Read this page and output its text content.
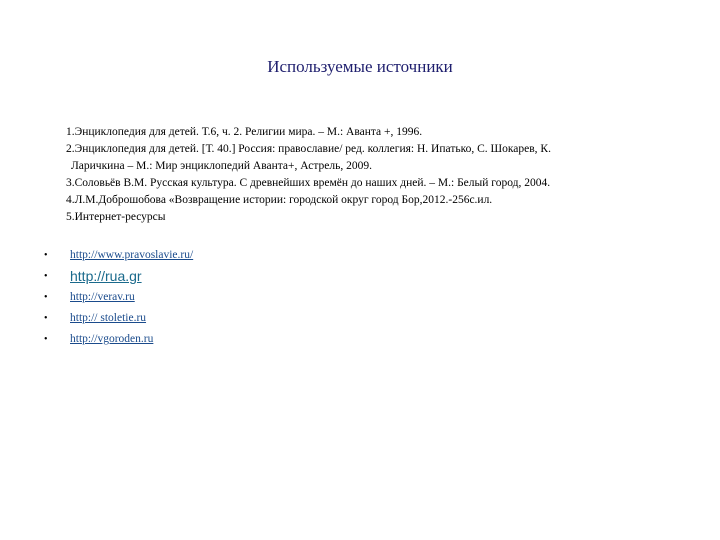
Используемые источники
1.Энциклопедия для детей. Т.6, ч. 2. Религии мира. – М.: Аванта +, 1996.
2.Энциклопедия для детей. [Т. 40.] Россия: православие/ ред. коллегия: Н. Ипатько, С. Шокарев, К.
Ларичкина – М.: Мир энциклопедий Аванта+, Астрель, 2009.
3.Соловьёв В.М. Русская культура. С древнейших времён до наших дней. – М.: Белый город, 2004.
4.Л.М.Доброшобова «Возвращение истории: городской округ город Бор,2012.-256с.ил.
5.Интернет-ресурсы
• http://www.pravoslavie.ru/
• http://rua.gr
• http://verav.ru
• http:// stoletie.ru
• http://vgoroden.ru
